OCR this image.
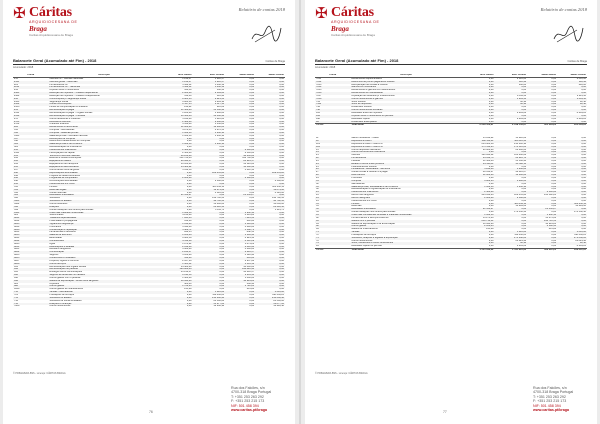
✠ Cáritas
ARQUIDIOCESANA DE
Braga
Caritas Arquidiocesana de Braga
Relatório de contas 2018
Balancete Geral (Acumulado até Fim) - 2018	Cáritas de Braga
Acumulado: 2018
Conta	Descrição	Mov. Débito	Mov. Crédito	Saldo Débito	Saldo Crédito
211	Clientes c/c - Clientes nacionais	1 218,37	1 218,37	0,00	0,00
2111	Clientes gerais - nacionais	1 218,37	1 218,37	0,00	0,00
221	Fornecedores c/c	5 442,12	5 442,12	0,00	0,00
2211	Fornecedores c/c - nacionais	5 442,12	5 442,12	0,00	0,00
241	Imposto sobre o rendimento	340,50	340,50	0,00	0,00
2421	Retenção de impostos - Trabalho dependente	2 184,60	2 184,60	0,00	0,00
2422	Retenção de impostos - Trabalho independente	312,40	312,40	0,00	0,00
245	Contribuições p/ Segurança Social	8 921,33	8 921,33	0,00	0,00
2451	Segurança Social	6 804,18	6 804,18	0,00	0,00
2452	Outras contribuições	2 117,15	2 117,15	0,00	0,00
2453	Fundo de compensação do trabalho	210,22	210,22	0,00	0,00
231	Remunerações a pagar	31 560,44	31 560,44	0,00	0,00
2311	Remunerações a pagar - Órgãos sociais	1 200,00	1 200,00	0,00	0,00
2312	Remunerações a pagar - Pessoal	30 360,44	30 360,44	0,00	0,00
278	Outros devedores e credores	5 810,00	5 810,00	0,00	0,00
2781	Devedores diversos	2 460,00	2 460,00	0,00	0,00
2782	Credores diversos	3 350,00	3 350,00	0,00	0,00
282	Rendimentos a reconhecer	12 000,00	12 000,00	0,00	0,00
311	Compras - Mercadorias	4 870,55	4 870,55	0,00	0,00
312	Compras - Matérias-primas	1 932,10	1 932,10	0,00	0,00
3121	Matérias-primas - Mercado nacional	1 932,10	1 932,10	0,00	0,00
317	Devoluções de compras	0,00	0,00	0,00	0,00
318	Descontos e abatimentos em compras	0,00	0,00	0,00	0,00
361	Matérias-primas e de consumo	1 932,10	1 932,10	0,00	0,00
381	Reclassificação de inventários	0,00	0,00	0,00	0,00
411	Investimentos financeiros	2 500,00	0,00	2 500,00	0,00
4111	Participações de capital	2 500,00	0,00	2 500,00	0,00
431	Terrenos e recursos naturais	48 230,00	0,00	48 230,00	0,00
432	Edifícios e outras construções	312 760,44	0,00	312 760,44	0,00
433	Equipamento básico	28 944,17	0,00	28 944,17	0,00
434	Equipamento de transporte	36 120,00	0,00	36 120,00	0,00
435	Equipamento administrativo	14 380,92	0,00	14 380,92	0,00
437	Outros ativos fixos tangíveis	3 612,50	0,00	3 612,50	0,00
438	Depreciações acumuladas	0,00	189 455,20	0,00	189 455,20
442	Projetos de desenvolvimento	0,00	0,00	0,00	0,00
443	Programas de computador	2 180,00	0,00	2 180,00	0,00
448	Amortizações acumuladas	0,00	2 180,00	0,00	2 180,00
453	Investimentos em curso	0,00	0,00	0,00	0,00
511	Fundos	0,00	186 452,11	0,00	186 452,11
551	Reservas legais	0,00	12 874,66	0,00	12 874,66
552	Outras reservas	0,00	4 120,00	0,00	4 120,00
561	Resultados transitados	21 350,87	0,00	21 350,87	0,00
593	Subsídios	0,00	148 702,33	0,00	148 702,33
5931	Subsídios do Estado	0,00	98 702,33	0,00	98 702,33
5932	Outros subsídios	0,00	50 000,00	0,00	50 000,00
594	Doações	0,00	26 418,50	0,00	26 418,50
599	Outras variações nos fundos patrimoniais	0,00	3 011,75	0,00	3 011,75
6121	Custo das matérias consumidas	1 932,10	0,00	1 932,10	0,00
621	Subcontratos	4 210,80	0,00	4 210,80	0,00
6221	Trabalhos especializados	7 845,33	0,00	7 845,33	0,00
6222	Publicidade e propaganda	612,00	0,00	612,00	0,00
6223	Vigilância e segurança	1 140,00	0,00	1 140,00	0,00
6224	Honorários	3 690,00	0,00	3 690,00	0,00
6226	Conservação e reparação	5 388,71	0,00	5 388,71	0,00
6231	Ferramentas e utensílios	842,15	0,00	842,15	0,00
6233	Material de escritório	1 106,44	0,00	1 106,44	0,00
6241	Eletricidade	6 924,58	0,00	6 924,58	0,00
6242	Combustíveis	4 312,09	0,00	4 312,09	0,00
6243	Água	1 874,22	0,00	1 874,22	0,00
6251	Deslocações e estadas	2 018,60	0,00	2 018,60	0,00
6261	Rendas e alugueres	3 600,00	0,00	3 600,00	0,00
6262	Comunicação	2 246,37	0,00	2 246,37	0,00
6263	Seguros	3 128,90	0,00	3 128,90	0,00
6265	Contencioso e notariado	410,00	0,00	410,00	0,00
6267	Limpeza, higiene e conforto	2 957,66	0,00	2 957,66	0,00
6268	Outros serviços	1 305,12	0,00	1 305,12	0,00
631	Remunerações dos órgãos sociais	14 400,00	0,00	14 400,00	0,00
632	Remunerações do pessoal	196 820,44	0,00	196 820,44	0,00
635	Encargos sobre remunerações	43 218,37	0,00	43 218,37	0,00
636	Seguros de acidentes no trabalho	2 811,50	0,00	2 811,50	0,00
638	Outros gastos com o pessoal	1 460,00	0,00	1 460,00	0,00
642	Gastos de depreciação - Ativos fixos tangíveis	18 944,20	0,00	18 944,20	0,00
681	Impostos	386,40	0,00	386,40	0,00
688	Outros gastos	1 722,05	0,00	1 722,05	0,00
6918	Outros gastos de financiamento	215,88	0,00	215,88	0,00
711	Vendas - Mercadorias	0,00	5 610,00	0,00	5 610,00
721	Prestações de serviços	0,00	118 430,25	0,00	118 430,25
751	Subsídios do Estado	0,00	214 660,40	0,00	214 660,40
752	Subsídios de outras entidades	0,00	24 500,00	0,00	24 500,00
753	Doações e heranças	0,00	31 877,63	0,00	31 877,63
7888	Outros rendimentos	0,00	12 940,18	0,00	12 940,18
© PRIMAVERA BSS - Licença: CÁRITAS BRAGA
Rua dos Falcões, s/n
4700-318 Braga Portugal
T: +351 253 263 292
F: +351 253 215 173
NIF: 501 458 394
www.caritas.pt/braga
76
✠ Cáritas
ARQUIDIOCESANA DE
Braga
Caritas Arquidiocesana de Braga
Relatório de contas 2018
Balancete Geral (Acumulado até Fim) - 2018	Cáritas de Braga
Acumulado: 2018
Conta	Descrição	Mov. Débito	Mov. Crédito	Saldo Débito	Saldo Crédito
7811	Rendimentos suplementares	0,00	2 310,00	0,00	2 310,00
7812	Descontos de pronto pagamento obtidos	0,00	118,42	0,00	118,42
7813	Recuperação de dívidas a receber	0,00	640,00	0,00	640,00
7814	Ganhos em inventários	0,00	0,00	0,00	0,00
7815	Rendimentos e ganhos em investimentos	0,00	0,00	0,00	0,00
7816	Rendimentos em subsidiárias	0,00	0,00	0,00	0,00
7817	Imputação de subsídios p/ investimentos	0,00	9 811,36	0,00	9 811,36
7818	Outros rendimentos e ganhos	0,00	1 204,50	0,00	1 204,50
791	Juros obtidos	0,00	42,18	0,00	42,18
7911	Juros de depósitos	0,00	42,18	0,00	42,18
792	Dividendos obtidos	0,00	0,00	0,00	0,00
798	Outros rendimentos similares	0,00	0,00	0,00	0,00
811	Resultado antes de impostos	0,00	8 904,22	0,00	8 904,22
812	Imposto sobre o rendimento do período	0,00	0,00	0,00	0,00
818	Resultado líquido	0,00	8 904,22	0,00	8 904,22
89	Dividendos antecipados	0,00	0,00	0,00	0,00
TOTAL	Total Geral	2 019 550,67	2 019 550,67	655 018,22	655 018,22

11	Meios monetários - Caixa	13 818,22	13 818,22	0,00	0,00
12	Depósitos à ordem	388 110,41	388 110,41	0,00	0,00
121	Depósitos à ordem - Banco A	214 600,18	214 600,18	0,00	0,00
122	Depósitos à ordem - Banco B	173 510,23	173 510,23	0,00	0,00
13	Outros depósitos bancários	20 000,00	20 000,00	0,00	0,00
14	Outros instrumentos financeiros	0,00	0,00	0,00	0,00
21	Clientes	120 840,62	120 840,62	0,00	0,00
22	Fornecedores	64 912,70	64 912,70	0,00	0,00
23	Pessoal	31 560,44	31 560,44	0,00	0,00
24	Estado e outros entes públicos	24 388,11	24 388,11	0,00	0,00
25	Financiamentos obtidos	0,00	0,00	0,00	0,00
26	Fundadores / associados / membros	3 240,00	3 240,00	0,00	0,00
27	Outras contas a receber e a pagar	48 610,07	48 610,07	0,00	0,00
28	Diferimentos	12 000,00	12 000,00	0,00	0,00
29	Provisões	0,00	0,00	0,00	0,00
31	Compras	6 802,65	6 802,65	0,00	0,00
32	Mercadorias	0,00	0,00	0,00	0,00
33	Matérias-primas, subsidiárias e de consumo	1 932,10	1 932,10	0,00	0,00
38	Reclassificação e regularização de inventários	0,00	0,00	0,00	0,00
41	Investimentos financeiros	2 500,00	0,00	2 500,00	0,00
43	Ativos fixos tangíveis	444 048,03	189 455,20	254 592,83	0,00
44	Ativos intangíveis	2 180,00	2 180,00	0,00	0,00
45	Investimentos em curso	0,00	0,00	0,00	0,00
51	Fundos	0,00	186 452,11	0,00	186 452,11
55	Reservas	0,00	16 994,66	0,00	16 994,66
56	Resultados transitados	21 350,87	0,00	21 350,87	0,00
59	Outras variações nos fundos patrimoniais	0,00	178 132,58	0,00	178 132,58
61	Custo das mercadorias vendidas e matérias consumidas	1 932,10	0,00	1 932,10	0,00
62	Fornecimentos e serviços externos	53 273,06	0,00	53 273,06	0,00
63	Gastos com o pessoal	258 710,31	0,00	258 710,31	0,00
64	Gastos de depreciação e de amortização	18 944,20	0,00	18 944,20	0,00
68	Outros gastos	2 108,45	0,00	2 108,45	0,00
69	Gastos de financiamento	215,88	0,00	215,88	0,00
71	Vendas	0,00	5 610,00	0,00	5 610,00
72	Prestações de serviços	0,00	118 430,25	0,00	118 430,25
75	Subsídios, doações e legados à exploração	0,00	271 038,03	0,00	271 038,03
78	Outros rendimentos	0,00	26 024,46	0,00	26 024,46
79	Juros, dividendos e outros rendimentos	0,00	42,18	0,00	42,18
81	Resultado líquido do período	0,00	8 904,22	0,00	8 904,22
TOTAL	Total Geral	1 545 612,62	1 545 612,62	358 312,20	358 312,20
© PRIMAVERA BSS - Licença: CÁRITAS BRAGA
Rua dos Falcões, s/n
4700-318 Braga Portugal
T: +351 253 263 292
F: +351 253 215 173
NIF: 501 458 394
www.caritas.pt/braga
77
